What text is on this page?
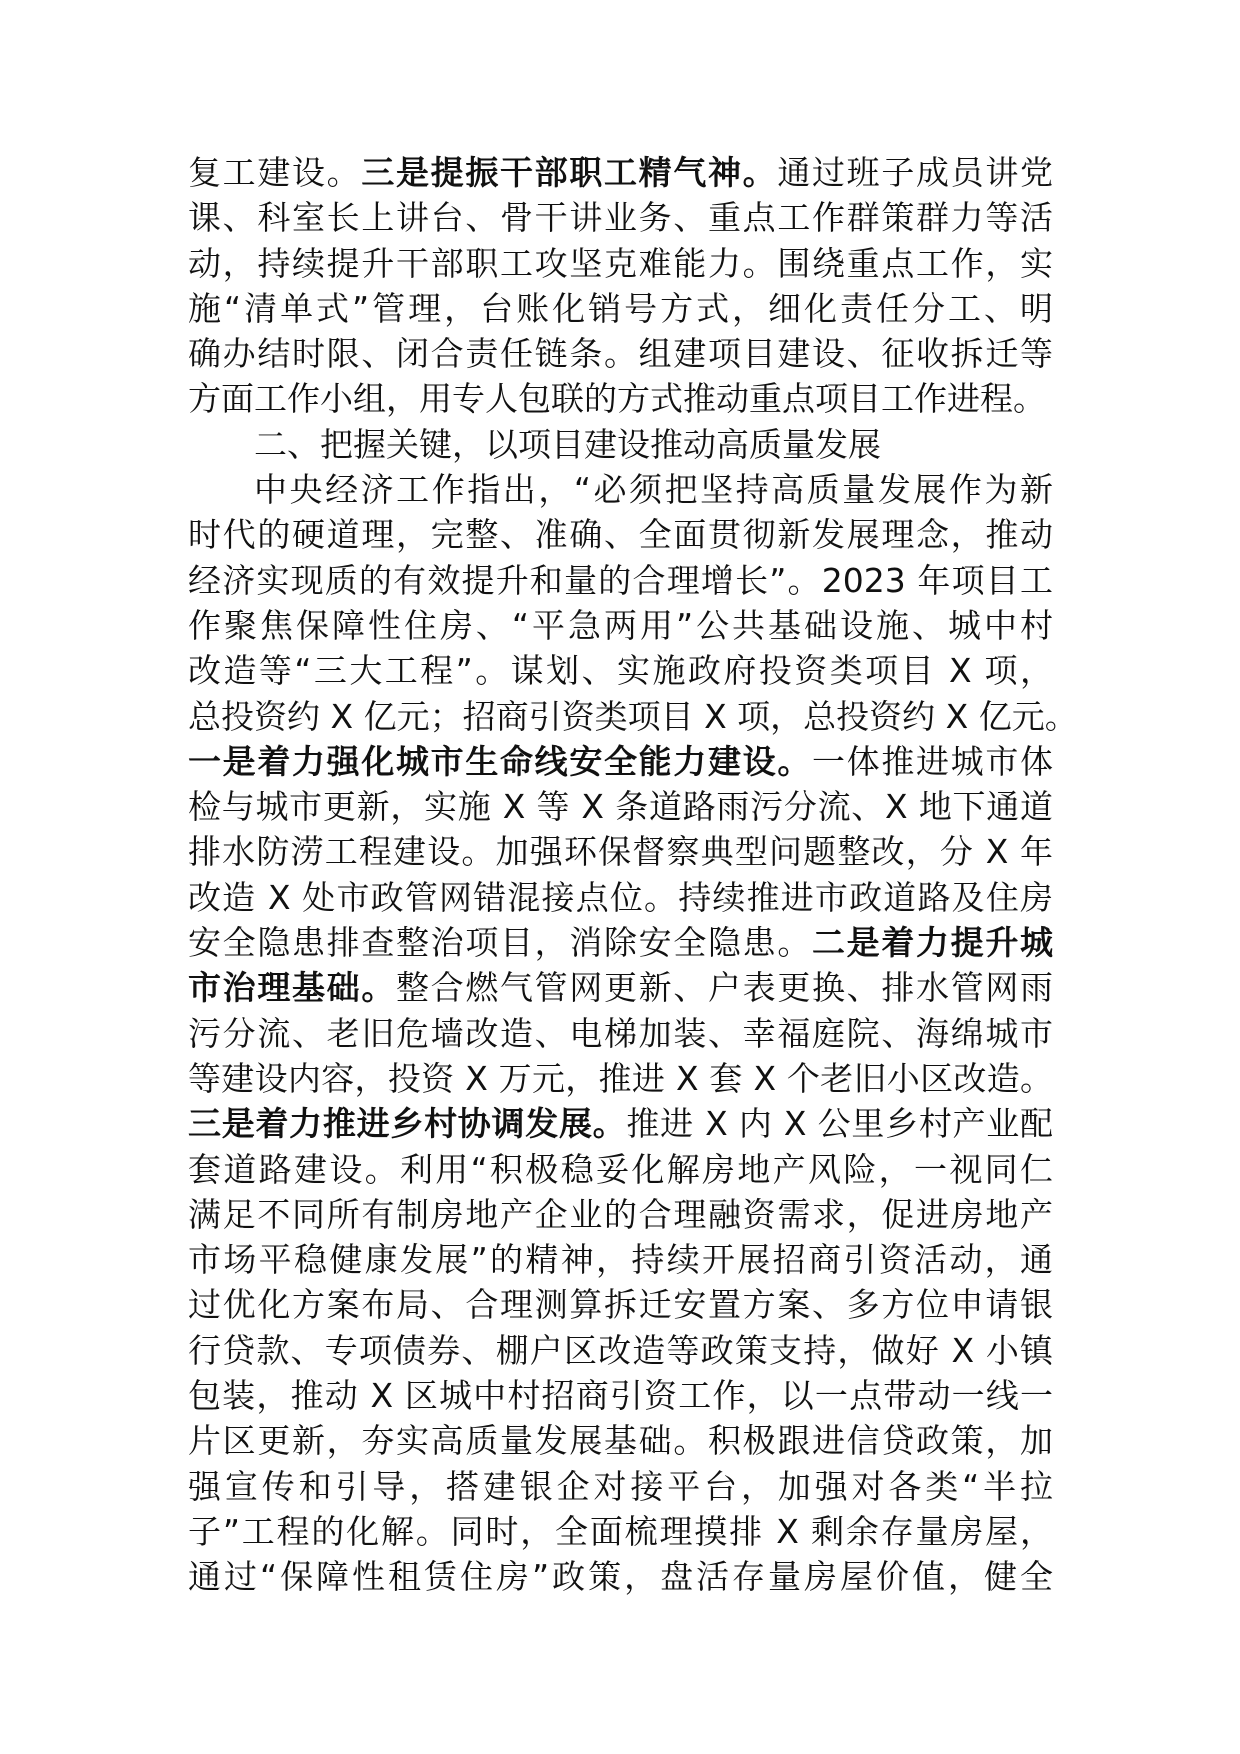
复工建设。三是提振干部职工精气神。通过班子成员讲党
课、科室长上讲台、骨干讲业务、重点工作群策群力等活
动，持续提升干部职工攻坚克难能力。围绕重点工作，实
施“清单式”管理，台账化销号方式，细化责任分工、明
确办结时限、闭合责任链条。组建项目建设、征收拆迁等
方面工作小组，用专人包联的方式推动重点项目工作进程。
二、把握关键，以项目建设推动高质量发展
中央经济工作指出，“必须把坚持高质量发展作为新
时代的硬道理，完整、准确、全面贯彻新发展理念，推动
经济实现质的有效提升和量的合理增长”。2023 年项目工
作聚焦保障性住房、“平急两用”公共基础设施、城中村
改造等“三大工程”。谋划、实施政府投资类项目 X 项，
总投资约 X 亿元；招商引资类项目 X 项，总投资约 X 亿元。
一是着力强化城市生命线安全能力建设。一体推进城市体
检与城市更新，实施 X 等 X 条道路雨污分流、X 地下通道
排水防涝工程建设。加强环保督察典型问题整改，分 X 年
改造 X 处市政管网错混接点位。持续推进市政道路及住房
安全隐患排查整治项目，消除安全隐患。二是着力提升城
市治理基础。整合燃气管网更新、户表更换、排水管网雨
污分流、老旧危墙改造、电梯加装、幸福庭院、海绵城市
等建设内容，投资 X 万元，推进 X 套 X 个老旧小区改造。
三是着力推进乡村协调发展。推进 X 内 X 公里乡村产业配
套道路建设。利用“积极稳妥化解房地产风险，一视同仁
满足不同所有制房地产企业的合理融资需求，促进房地产
市场平稳健康发展”的精神，持续开展招商引资活动，通
过优化方案布局、合理测算拆迁安置方案、多方位申请银
行贷款、专项债券、棚户区改造等政策支持，做好 X 小镇
包装，推动 X 区城中村招商引资工作，以一点带动一线一
片区更新，夯实高质量发展基础。积极跟进信贷政策，加
强宣传和引导，搭建银企对接平台，加强对各类“半拉
子”工程的化解。同时，全面梳理摸排 X 剩余存量房屋，
通过“保障性租赁住房”政策，盘活存量房屋价值，健全
